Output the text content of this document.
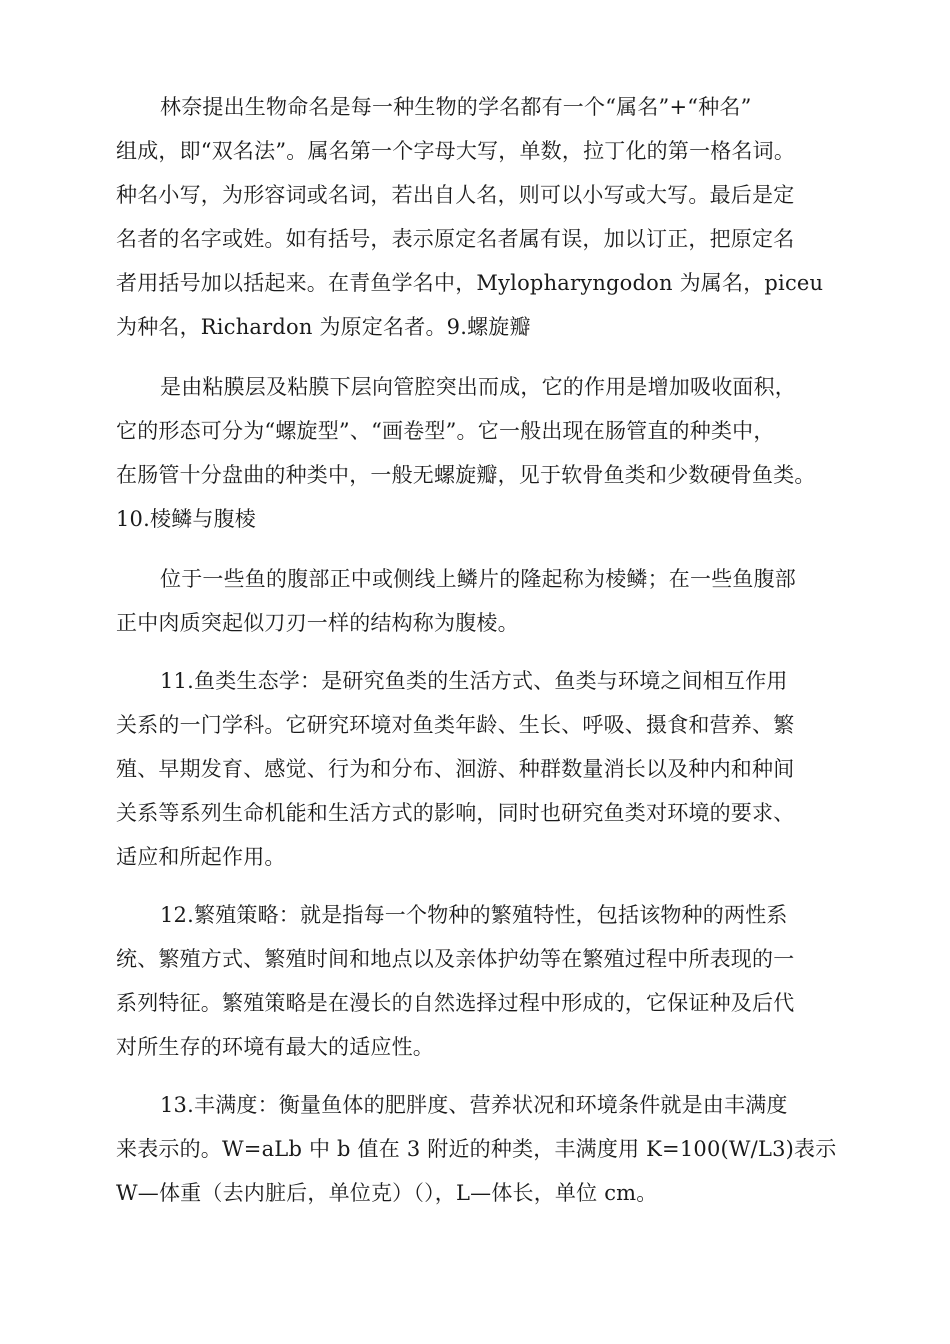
林奈提出生物命名是每一种生物的学名都有一个“属名”+“种名”
组成，即“双名法”。属名第一个字母大写，单数，拉丁化的第一格名词。
种名小写，为形容词或名词，若出自人名，则可以小写或大写。最后是定
名者的名字或姓。如有括号，表示原定名者属有误，加以订正，把原定名
者用括号加以括起来。在青鱼学名中，Mylopharyngodon 为属名，piceu
为种名，Richardon 为原定名者。9.螺旋瓣
是由粘膜层及粘膜下层向管腔突出而成，它的作用是增加吸收面积，
它的形态可分为“螺旋型”、“画卷型”。它一般出现在肠管直的种类中，
在肠管十分盘曲的种类中，一般无螺旋瓣，见于软骨鱼类和少数硬骨鱼类。
10.棱鳞与腹棱
位于一些鱼的腹部正中或侧线上鳞片的隆起称为棱鳞；在一些鱼腹部
正中肉质突起似刀刃一样的结构称为腹棱。
11.鱼类生态学：是研究鱼类的生活方式、鱼类与环境之间相互作用
关系的一门学科。它研究环境对鱼类年龄、生长、呼吸、摄食和营养、繁
殖、早期发育、感觉、行为和分布、洄游、种群数量消长以及种内和种间
关系等系列生命机能和生活方式的影响，同时也研究鱼类对环境的要求、
适应和所起作用。
12.繁殖策略：就是指每一个物种的繁殖特性，包括该物种的两性系
统、繁殖方式、繁殖时间和地点以及亲体护幼等在繁殖过程中所表现的一
系列特征。繁殖策略是在漫长的自然选择过程中形成的，它保证种及后代
对所生存的环境有最大的适应性。
13.丰满度：衡量鱼体的肥胖度、营养状况和环境条件就是由丰满度
来表示的。W=aLb 中 b 值在 3 附近的种类，丰满度用 K=100(W/L3)表示
W—体重（去内脏后，单位克）（），L—体长，单位 cm。
